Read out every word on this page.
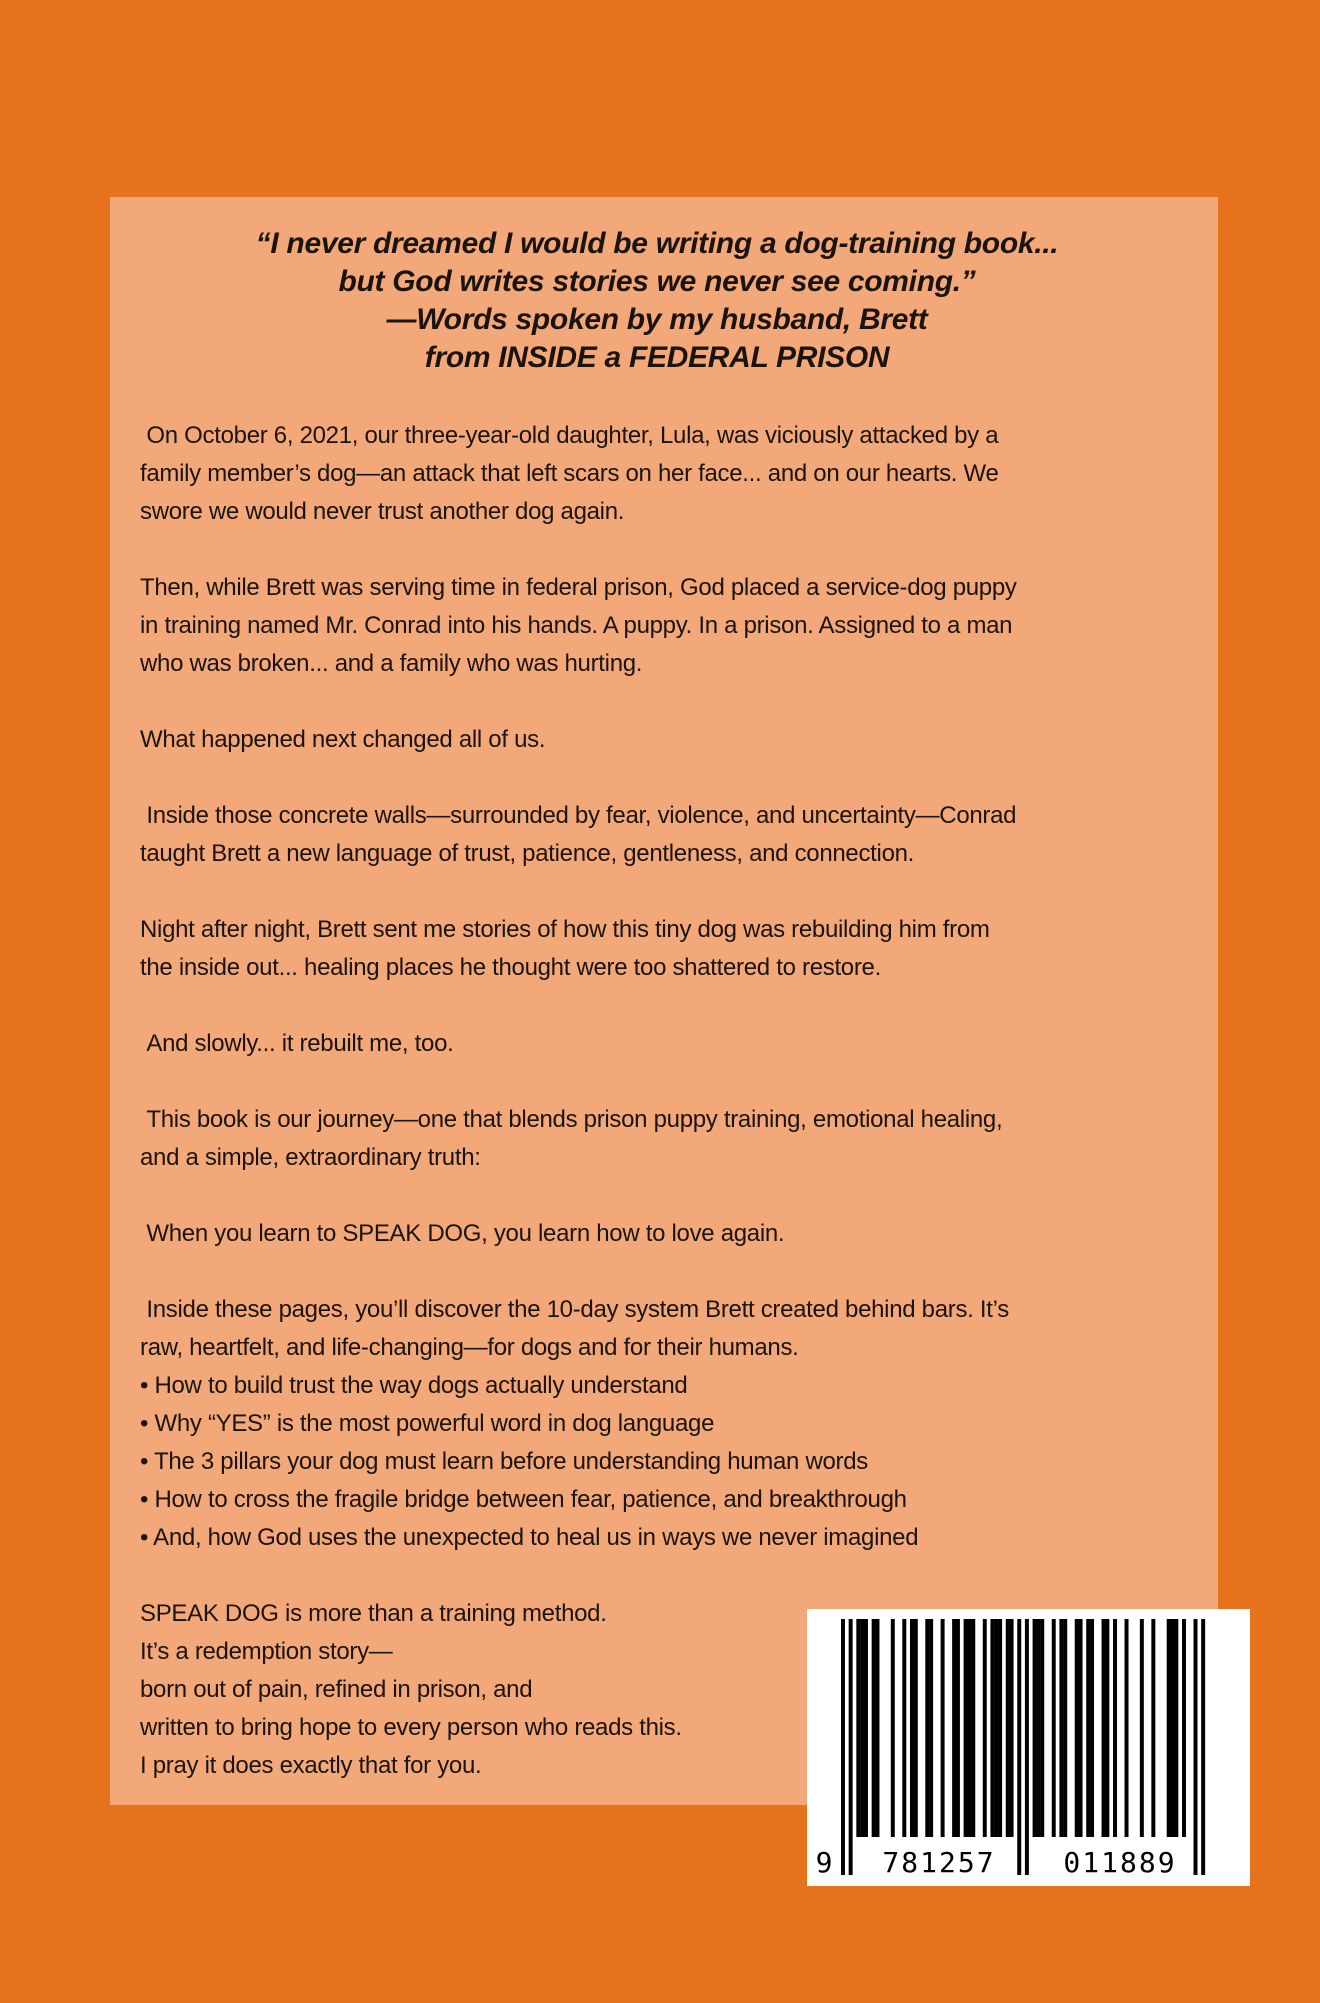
“I never dreamed I would be writing a dog-training book...
but God writes stories we never see coming.”
—Words spoken by my husband, Brett
from INSIDE a FEDERAL PRISON
On October 6, 2021, our three-year-old daughter, Lula, was viciously attacked by a
family member’s dog—an attack that left scars on her face... and on our hearts. We
swore we would never trust another dog again.
Then, while Brett was serving time in federal prison, God placed a service-dog puppy
in training named Mr. Conrad into his hands. A puppy. In a prison. Assigned to a man
who was broken... and a family who was hurting.
What happened next changed all of us.
Inside those concrete walls—surrounded by fear, violence, and uncertainty—Conrad
taught Brett a new language of trust, patience, gentleness, and connection.
Night after night, Brett sent me stories of how this tiny dog was rebuilding him from
the inside out... healing places he thought were too shattered to restore.
And slowly... it rebuilt me, too.
This book is our journey—one that blends prison puppy training, emotional healing,
and a simple, extraordinary truth:
When you learn to SPEAK DOG, you learn how to love again.
Inside these pages, you’ll discover the 10-day system Brett created behind bars. It’s
raw, heartfelt, and life-changing—for dogs and for their humans.
• How to build trust the way dogs actually understand
• Why “YES” is the most powerful word in dog language
• The 3 pillars your dog must learn before understanding human words
• How to cross the fragile bridge between fear, patience, and breakthrough
• And, how God uses the unexpected to heal us in ways we never imagined
SPEAK DOG is more than a training method.
It’s a redemption story—
born out of pain, refined in prison, and
written to bring hope to every person who reads this.
I pray it does exactly that for you.
9	781257	011889
